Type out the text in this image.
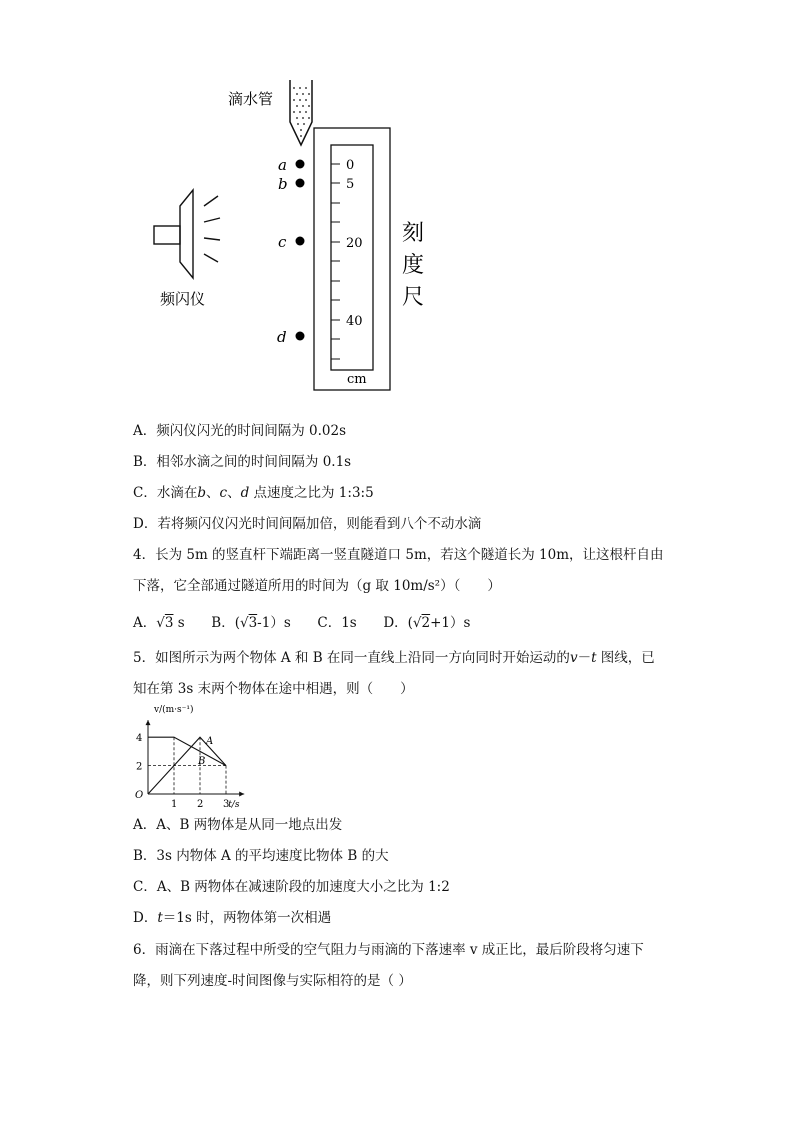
滴水管
a
b
c
d
0
5
20
40
cm
刻
度
尺
频闪仪
A．频闪仪闪光的时间间隔为 0.02s
B．相邻水滴之间的时间间隔为 0.1s
C．水滴在b、c、d 点速度之比为 1:3:5
D．若将频闪仪闪光时间间隔加倍，则能看到八个不动水滴
4．长为 5m 的竖直杆下端距离一竖直隧道口 5m，若这个隧道长为 10m，让这根杆自由
下落，它全部通过隧道所用的时间为（g 取 10m/s²）（　　）
A．√3 s B．(√3-1）s C．1s D．(√2+1）s
5．如图所示为两个物体 A 和 B 在同一直线上沿同一方向同时开始运动的v－t 图线，已
知在第 3s 末两个物体在途中相遇，则（　　）
1 2 3
2
4
O
v/(m·s⁻¹)
t/s
A
B
A．A、B 两物体是从同一地点出发
B．3s 内物体 A 的平均速度比物体 B 的大
C．A、B 两物体在减速阶段的加速度大小之比为 1:2
D．t＝1s 时，两物体第一次相遇
6．雨滴在下落过程中所受的空气阻力与雨滴的下落速率 v 成正比，最后阶段将匀速下
降，则下列速度-时间图像与实际相符的是（ ）
